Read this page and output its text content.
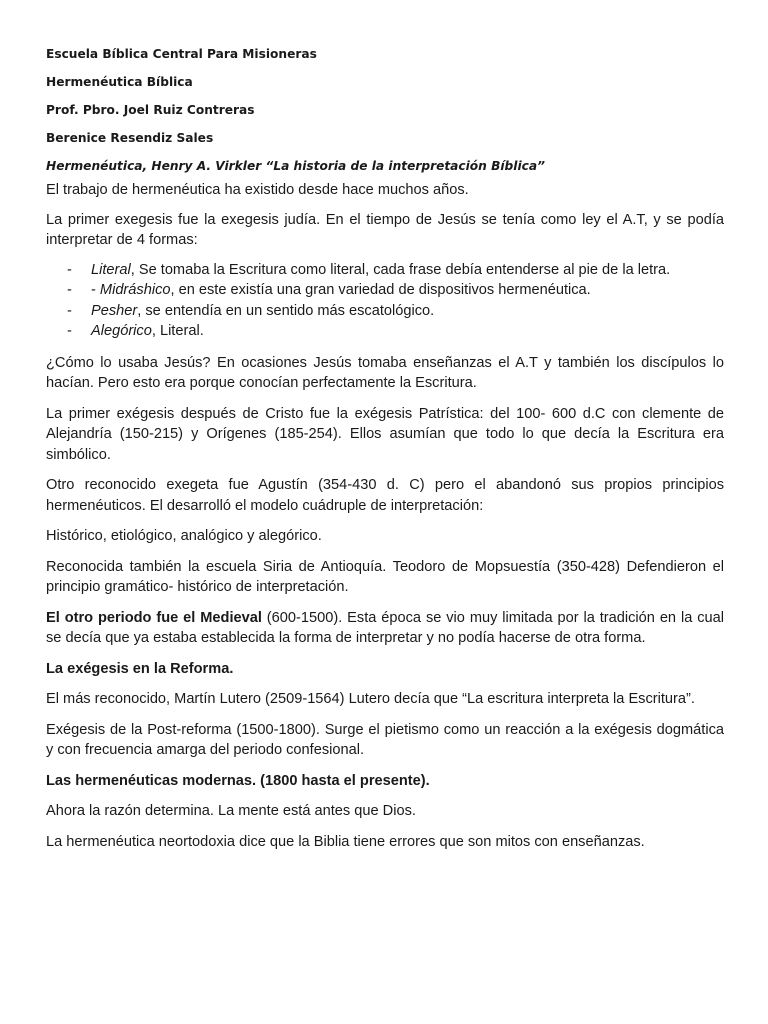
Escuela Bíblica Central Para Misioneras
Hermenéutica Bíblica
Prof. Pbro. Joel Ruiz Contreras
Berenice Resendiz Sales
Hermenéutica, Henry A. Virkler “La historia de la interpretación Bíblica”

El trabajo de hermenéutica ha existido desde hace muchos años.

La primer exegesis fue la exegesis judía. En el tiempo de Jesús se tenía como ley el A.T, y se podía interpretar de 4 formas:

- Literal, Se tomaba la Escritura como literal, cada frase debía entenderse al pie de la letra.
- - Midráshico, en este existía una gran variedad de dispositivos hermenéutica.
- Pesher, se entendía en un sentido más escatológico.
- Alegórico, Literal.

¿Cómo lo usaba Jesús? En ocasiones Jesús tomaba enseñanzas el A.T y también los discípulos lo hacían. Pero esto era porque conocían perfectamente la Escritura.

La primer exégesis después de Cristo fue la exégesis Patrística: del 100- 600 d.C con clemente de Alejandría (150-215) y Orígenes (185-254). Ellos asumían que todo lo que decía la Escritura era simbólico.

Otro reconocido exegeta fue Agustín (354-430 d. C) pero el abandonó sus propios principios hermenéuticos. El desarrolló el modelo cuádruple de interpretación:

Histórico, etiológico, analógico y alegórico.

Reconocida también la escuela Siria de Antioquía. Teodoro de Mopsuestía (350-428) Defendieron el principio gramático- histórico de interpretación.

El otro periodo fue el Medieval (600-1500). Esta época se vio muy limitada por la tradición en la cual se decía que ya estaba establecida la forma de interpretar y no podía hacerse de otra forma.

La exégesis en la Reforma.

El más reconocido, Martín Lutero (2509-1564) Lutero decía que “La escritura interpreta la Escritura”.

Exégesis de la Post-reforma (1500-1800). Surge el pietismo como un reacción a la exégesis dogmática y con frecuencia amarga del periodo confesional.

Las hermenéuticas modernas. (1800 hasta el presente).

Ahora la razón determina. La mente está antes que Dios.

La hermenéutica neortodoxia dice que la Biblia tiene errores que son mitos con enseñanzas.
